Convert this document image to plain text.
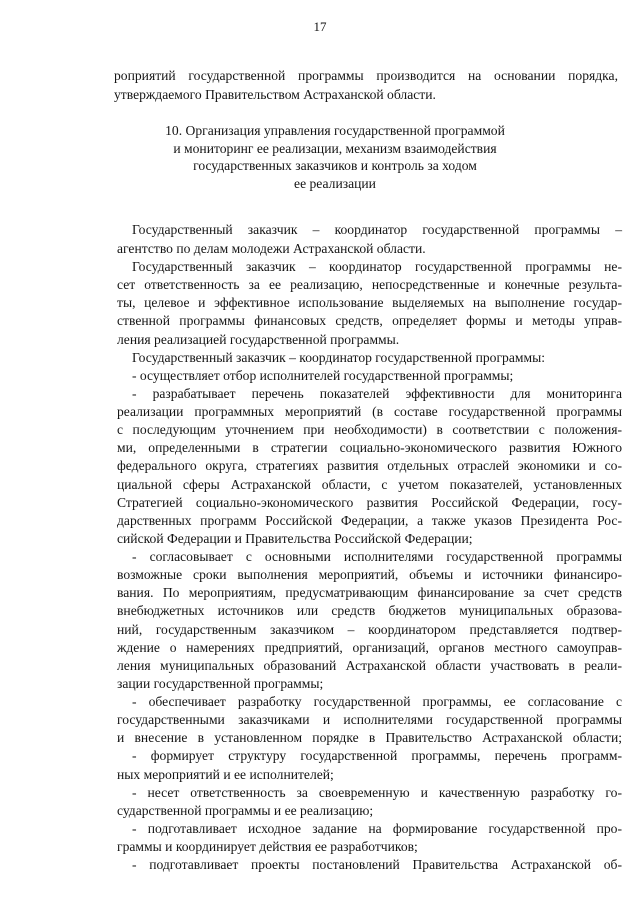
17
роприятий государственной программы производится на основании порядка,
утверждаемого Правительством Астраханской области.
10. Организация управления государственной программой
и мониторинг ее реализации, механизм взаимодействия
государственных заказчиков и контроль за ходом
ее реализации
Государственный заказчик – координатор государственной программы –
агентство по делам молодежи Астраханской области.
Государственный заказчик – координатор государственной программы не-
сет ответственность за ее реализацию, непосредственные и конечные результа-
ты, целевое и эффективное использование выделяемых на выполнение государ-
ственной программы финансовых средств, определяет формы и методы управ-
ления реализацией государственной программы.
Государственный заказчик – координатор государственной программы:
- осуществляет отбор исполнителей государственной программы;
- разрабатывает перечень показателей эффективности для мониторинга
реализации программных мероприятий (в составе государственной программы
с последующим уточнением при необходимости) в соответствии с положения-
ми, определенными в стратегии социально-экономического развития Южного
федерального округа, стратегиях развития отдельных отраслей экономики и со-
циальной сферы Астраханской области, с учетом показателей, установленных
Стратегией социально-экономического развития Российской Федерации, госу-
дарственных программ Российской Федерации, а также указов Президента Рос-
сийской Федерации и Правительства Российской Федерации;
- согласовывает с основными исполнителями государственной программы
возможные сроки выполнения мероприятий, объемы и источники финансиро-
вания. По мероприятиям, предусматривающим финансирование за счет средств
внебюджетных источников или средств бюджетов муниципальных образова-
ний, государственным заказчиком – координатором представляется подтвер-
ждение о намерениях предприятий, организаций, органов местного самоуправ-
ления муниципальных образований Астраханской области участвовать в реали-
зации государственной программы;
- обеспечивает разработку государственной программы, ее согласование с
государственными заказчиками и исполнителями государственной программы
и внесение в установленном порядке в Правительство Астраханской области;
- формирует структуру государственной программы, перечень программ-
ных мероприятий и ее исполнителей;
- несет ответственность за своевременную и качественную разработку го-
сударственной программы и ее реализацию;
- подготавливает исходное задание на формирование государственной про-
граммы и координирует действия ее разработчиков;
- подготавливает проекты постановлений Правительства Астраханской об-
